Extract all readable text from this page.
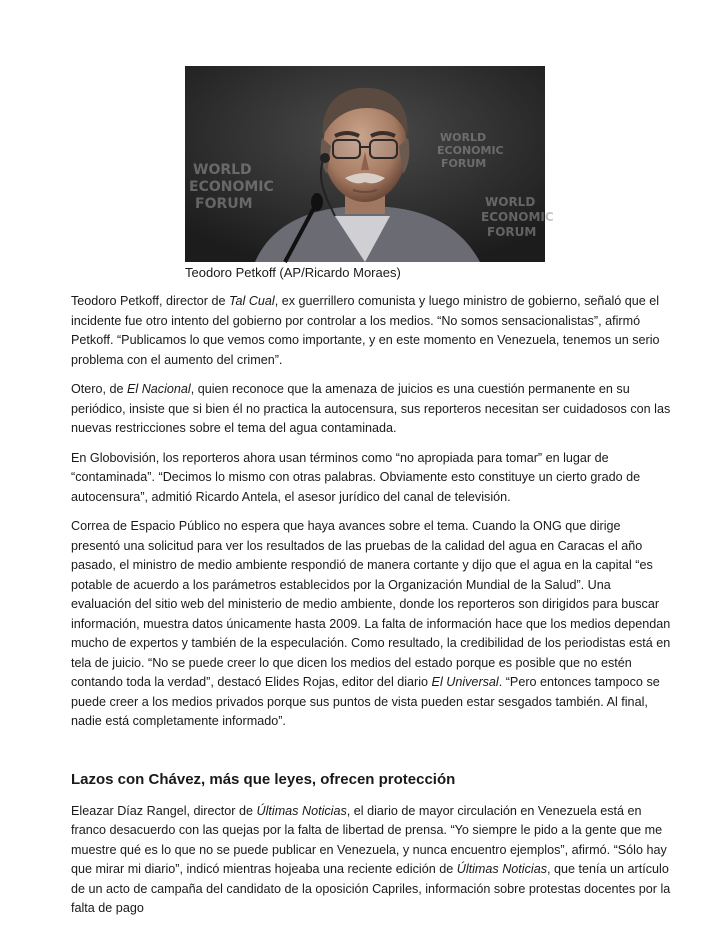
WORLD
ECONOMIC
FORUM	WORLD
ECONOMIC
FORUM
WORLD
ECONOMIC
FORUM
Teodoro Petkoff (AP/Ricardo Moraes)

Teodoro Petkoff, director de Tal Cual, ex guerrillero comunista y luego ministro de gobierno, señaló que el incidente fue otro intento del gobierno por controlar a los medios. “No somos sensacionalistas”, afirmó Petkoff. “Publicamos lo que vemos como importante, y en este momento en Venezuela, tenemos un serio problema con el aumento del crimen”.

Otero, de El Nacional, quien reconoce que la amenaza de juicios es una cuestión permanente en su periódico, insiste que si bien él no practica la autocensura, sus reporteros necesitan ser cuidadosos con las nuevas restricciones sobre el tema del agua contaminada.

En Globovisión, los reporteros ahora usan términos como “no apropiada para tomar” en lugar de “contaminada”. “Decimos lo mismo con otras palabras. Obviamente esto constituye un cierto grado de autocensura”, admitió Ricardo Antela, el asesor jurídico del canal de televisión.

Correa de Espacio Público no espera que haya avances sobre el tema. Cuando la ONG que dirige presentó una solicitud para ver los resultados de las pruebas de la calidad del agua en Caracas el año pasado, el ministro de medio ambiente respondió de manera cortante y dijo que el agua en la capital “es potable de acuerdo a los parámetros establecidos por la Organización Mundial de la Salud”. Una evaluación del sitio web del ministerio de medio ambiente, donde los reporteros son dirigidos para buscar información, muestra datos únicamente hasta 2009. La falta de información hace que los medios dependan mucho de expertos y también de la especulación. Como resultado, la credibilidad de los periodistas está en tela de juicio. “No se puede creer lo que dicen los medios del estado porque es posible que no estén contando toda la verdad”, destacó Elides Rojas, editor del diario El Universal. “Pero entonces tampoco se puede creer a los medios privados porque sus puntos de vista pueden estar sesgados también. Al final, nadie está completamente informado”.

Lazos con Chávez, más que leyes, ofrecen protección

Eleazar Díaz Rangel, director de Últimas Noticias, el diario de mayor circulación en Venezuela está en franco desacuerdo con las quejas por la falta de libertad de prensa. “Yo siempre le pido a la gente que me muestre qué es lo que no se puede publicar en Venezuela, y nunca encuentro ejemplos”, afirmó. “Sólo hay que mirar mi diario”, indicó mientras hojeaba una reciente edición de Últimas Noticias, que tenía un artículo de un acto de campaña del candidato de la oposición Capriles, información sobre protestas docentes por la falta de pago
